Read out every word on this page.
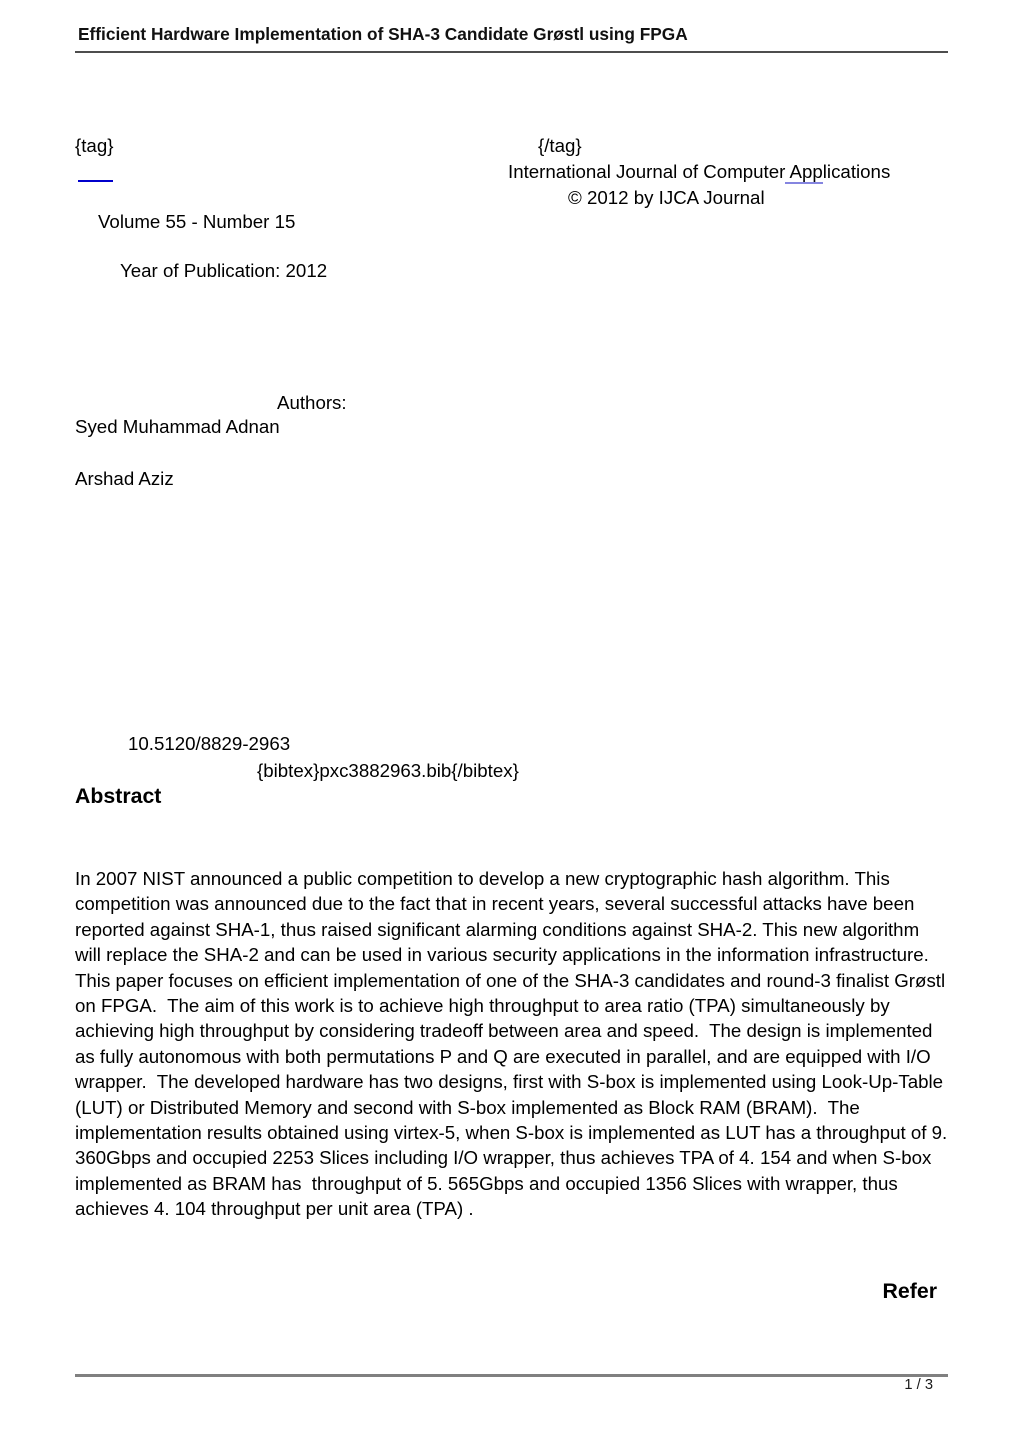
Efficient Hardware Implementation of SHA-3 Candidate Grøstl using FPGA
{tag}	{/tag}
International Journal of Computer Applications
© 2012 by IJCA Journal
Volume 55 - Number 15
Year of Publication: 2012
Authors:
Syed Muhammad Adnan
Arshad Aziz
10.5120/8829-2963
{bibtex}pxc3882963.bib{/bibtex}
Abstract
In 2007 NIST announced a public competition to develop a new cryptographic hash algorithm. This competition was announced due to the fact that in recent years, several successful attacks have been reported against SHA-1, thus raised significant alarming conditions against SHA-2. This new algorithm will replace the SHA-2 and can be used in various security applications in the information infrastructure.  This paper focuses on efficient implementation of one of the SHA-3 candidates and round-3 finalist Grøstl on FPGA.  The aim of this work is to achieve high throughput to area ratio (TPA) simultaneously by achieving high throughput by considering tradeoff between area and speed.  The design is implemented as fully autonomous with both permutations P and Q are executed in parallel, and are equipped with I/O wrapper.  The developed hardware has two designs, first with S-box is implemented using Look-Up-Table (LUT) or Distributed Memory and second with S-box implemented as Block RAM (BRAM).  The implementation results obtained using virtex-5, when S-box is implemented as LUT has a throughput of 9. 360Gbps and occupied 2253 Slices including I/O wrapper, thus achieves TPA of 4. 154 and when S-box implemented as BRAM has  throughput of 5. 565Gbps and occupied 1356 Slices with wrapper, thus achieves 4. 104 throughput per unit area (TPA) .
Refer
1 / 3
